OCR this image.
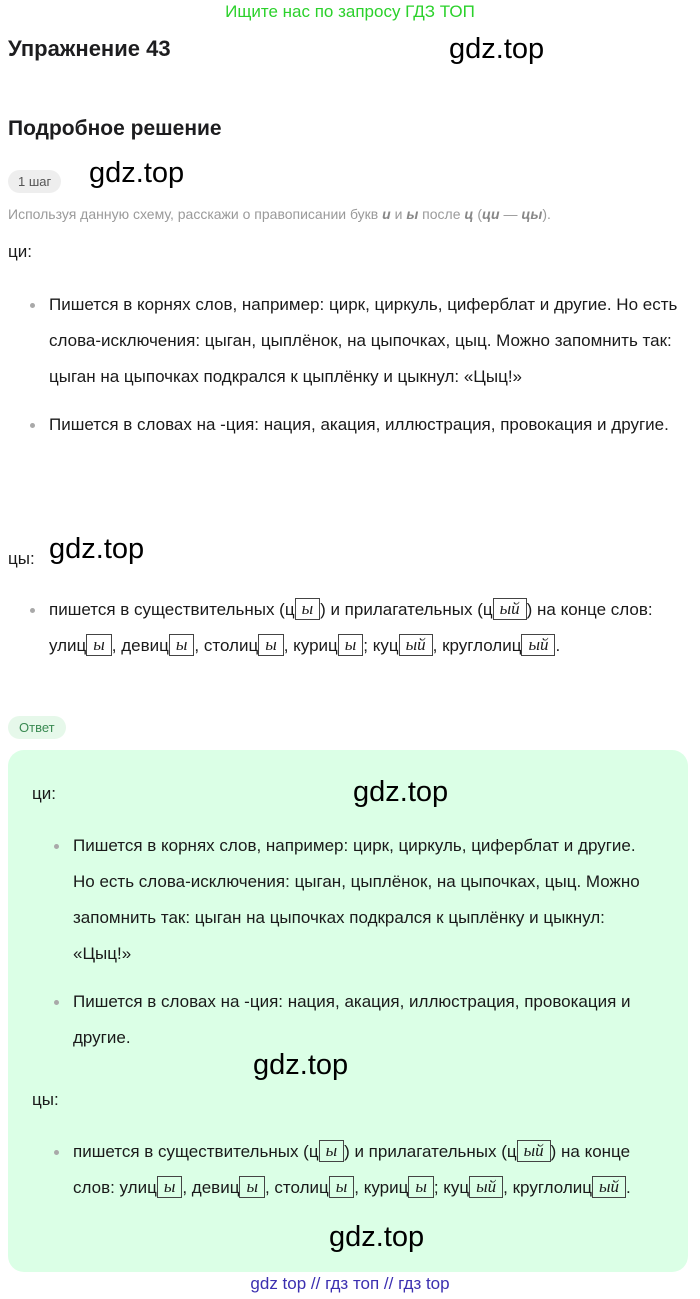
Ищите нас по запросу ГДЗ ТОП
Упражнение 43	gdz.top
Подробное решение
1 шаг	gdz.top
Используя данную схему, расскажи о правописании букв и и ы после ц (ци — цы).
ци:
Пишется в корнях слов, например: цирк, циркуль, циферблат и другие. Но есть слова-исключения: цыган, цыплёнок, на цыпочках, цыц. Можно запомнить так: цыган на цыпочках подкрался к цыплёнку и цыкнул: «Цыц!»
Пишется в словах на -ция: нация, акация, иллюстрация, провокация и другие.
цы: gdz.top
пишется в существительных (ц ы ) и прилагательных (ц ый ) на конце слов: улиц ы , девиц ы , столиц ы , куриц ы ; куц ый , круглолиц ый .
Ответ
ци:	gdz.top
Пишется в корнях слов, например: цирк, циркуль, циферблат и другие. Но есть слова-исключения: цыган, цыплёнок, на цыпочках, цыц. Можно запомнить так: цыган на цыпочках подкрался к цыплёнку и цыкнул: «Цыц!»
Пишется в словах на -ция: нация, акация, иллюстрация, провокация и другие.
gdz.top
цы:
пишется в существительных (ц ы ) и прилагательных (ц ый ) на конце слов: улиц ы , девиц ы , столиц ы , куриц ы ; куц ый , круглолиц ый .
gdz.top
gdz top // гдз топ // гдз top
